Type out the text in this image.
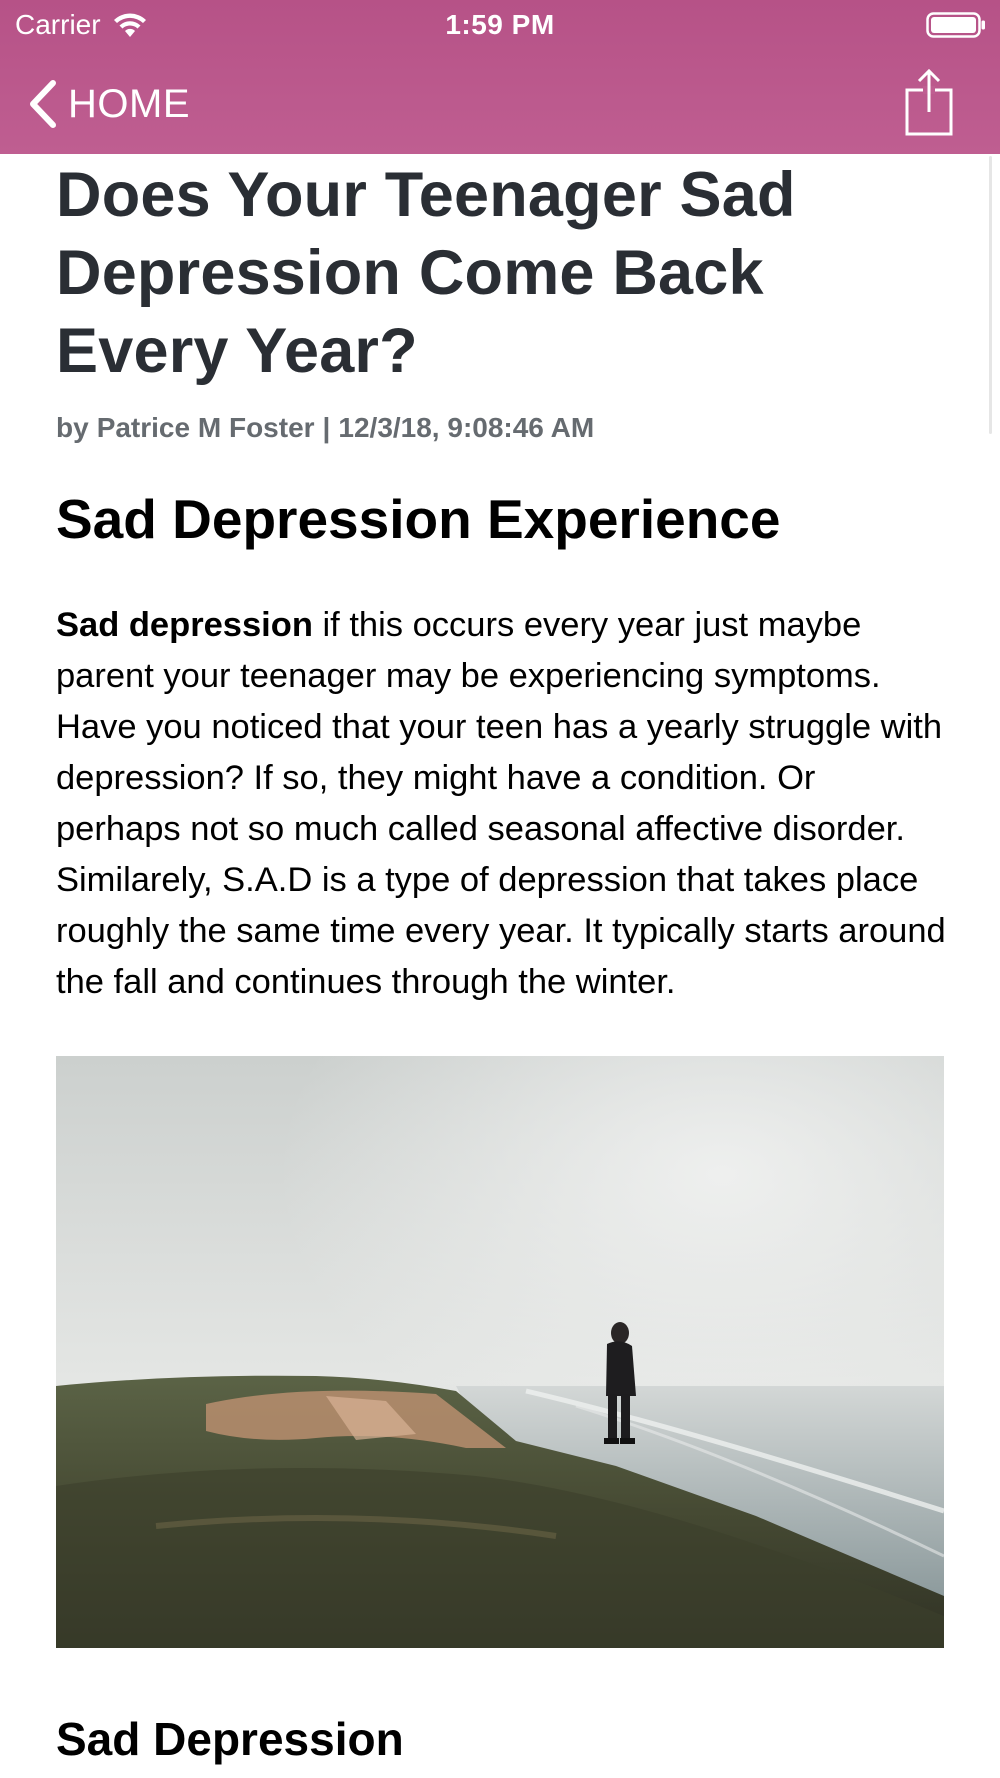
Carrier	1:59 PM
HOME
Does Your Teenager Sad Depression Come Back Every Year?
by Patrice M Foster | 12/3/18, 9:08:46 AM
Sad Depression Experience

Sad depression if this occurs every year just maybe parent your teenager may be experiencing symptoms. Have you noticed that your teen has a yearly struggle with depression? If so, they might have a condition. Or perhaps not so much called seasonal affective disorder. Similarely, S.A.D is a type of depression that takes place roughly the same time every year. It typically starts around the fall and continues through the winter.

Sad Depression
